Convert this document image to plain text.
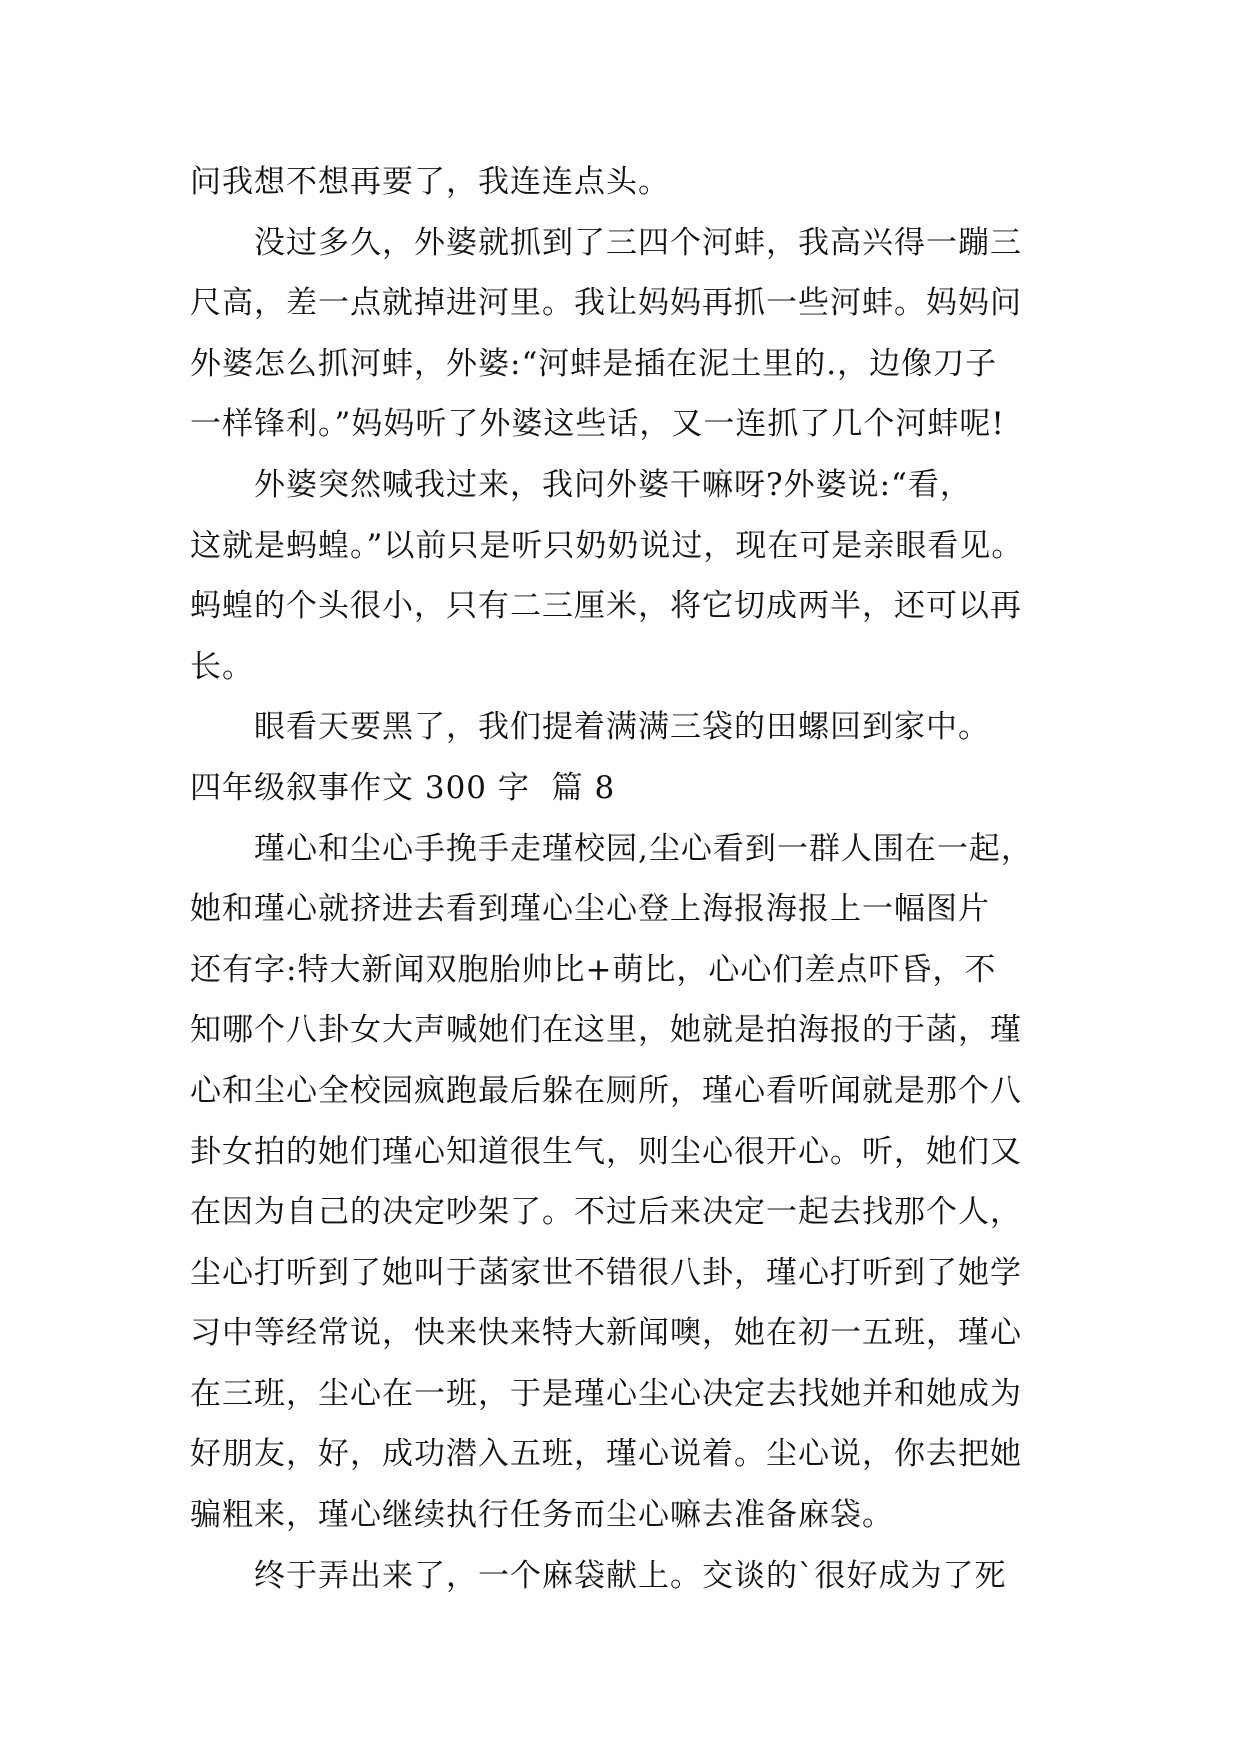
问我想不想再要了，我连连点头。
没过多久，外婆就抓到了三四个河蚌，我高兴得一蹦三
尺高，差一点就掉进河里。我让妈妈再抓一些河蚌。妈妈问
外婆怎么抓河蚌，外婆:“河蚌是插在泥土里的.，边像刀子
一样锋利。”妈妈听了外婆这些话，又一连抓了几个河蚌呢!
外婆突然喊我过来，我问外婆干嘛呀?外婆说:“看，
这就是蚂蝗。”以前只是听只奶奶说过，现在可是亲眼看见。
蚂蝗的个头很小，只有二三厘米，将它切成两半，还可以再
长。
眼看天要黑了，我们提着满满三袋的田螺回到家中。
四年级叙事作文 300 字  篇 8
瑾心和尘心手挽手走瑾校园,尘心看到一群人围在一起，
她和瑾心就挤进去看到瑾心尘心登上海报海报上一幅图片
还有字:特大新闻双胞胎帅比+萌比，心心们差点吓昏，不
知哪个八卦女大声喊她们在这里，她就是拍海报的于菡，瑾
心和尘心全校园疯跑最后躲在厕所，瑾心看听闻就是那个八
卦女拍的她们瑾心知道很生气，则尘心很开心。听，她们又
在因为自己的决定吵架了。不过后来决定一起去找那个人，
尘心打听到了她叫于菡家世不错很八卦，瑾心打听到了她学
习中等经常说，快来快来特大新闻噢，她在初一五班，瑾心
在三班，尘心在一班，于是瑾心尘心决定去找她并和她成为
好朋友，好，成功潜入五班，瑾心说着。尘心说，你去把她
骗粗来，瑾心继续执行任务而尘心嘛去准备麻袋。
终于弄出来了，一个麻袋献上。交谈的`很好成为了死
